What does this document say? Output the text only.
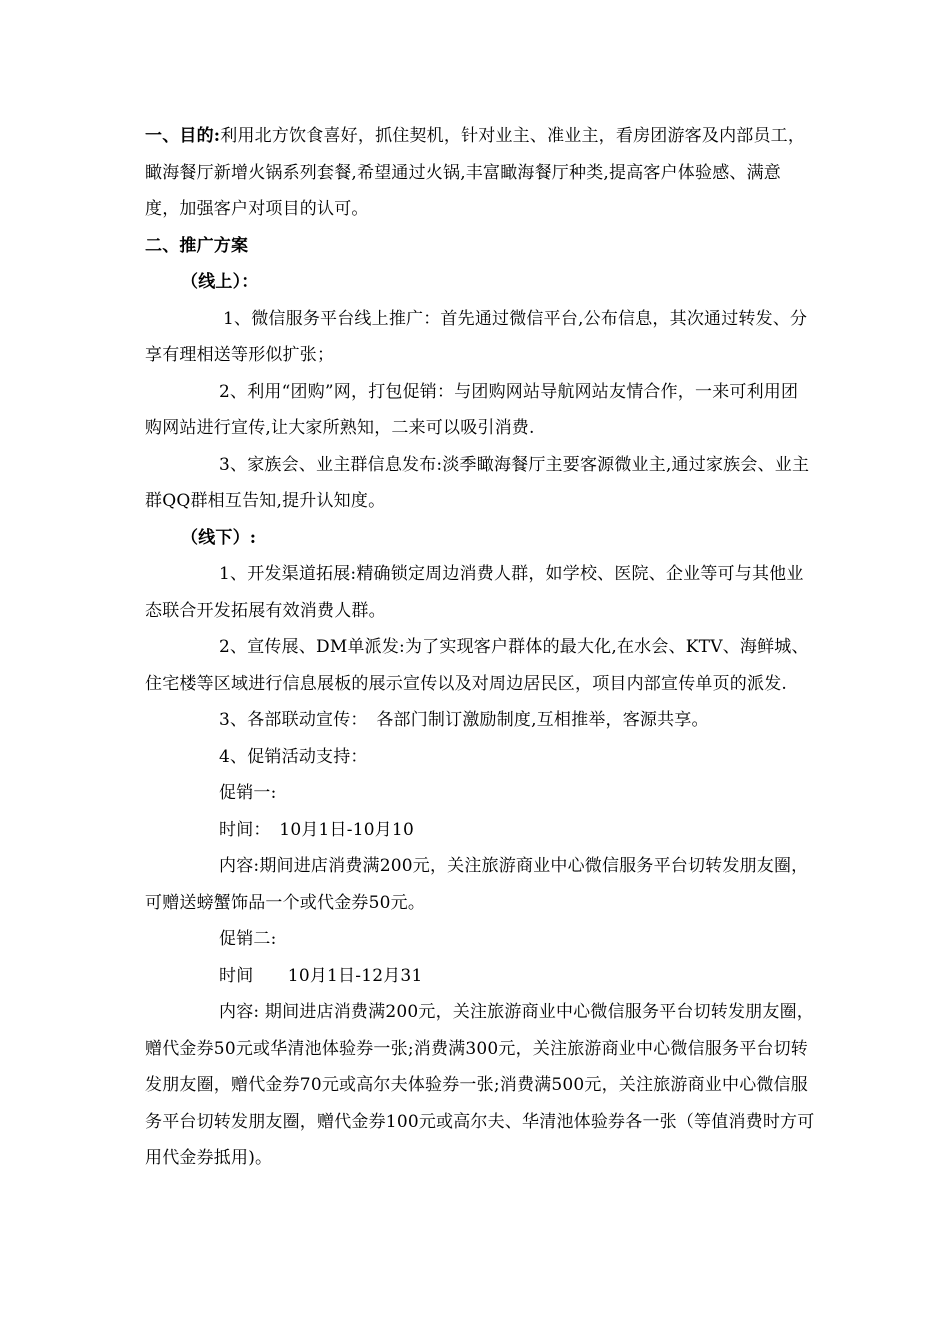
一、目的:利用北方饮食喜好，抓住契机，针对业主、准业主，看房团游客及内部员工，瞰海餐厅新增火锅系列套餐,希望通过火锅,丰富瞰海餐厅种类,提高客户体验感、满意度，加强客户对项目的认可。

二、推广方案

（线上）：

1、微信服务平台线上推广：首先通过微信平台,公布信息，其次通过转发、分享有理相送等形似扩张；

2、利用“团购”网，打包促销：与团购网站导航网站友情合作，一来可利用团购网站进行宣传,让大家所熟知，二来可以吸引消费.

3、家族会、业主群信息发布:淡季瞰海餐厅主要客源微业主,通过家族会、业主群QQ群相互告知,提升认知度。

（线下）:

1、开发渠道拓展:精确锁定周边消费人群，如学校、医院、企业等可与其他业态联合开发拓展有效消费人群。

2、宣传展、DM单派发:为了实现客户群体的最大化,在水会、KTV、海鲜城、住宅楼等区域进行信息展板的展示宣传以及对周边居民区，项目内部宣传单页的派发.

3、各部联动宣传：　各部门制订激励制度,互相推举，客源共享。

4、促销活动支持：

促销一:

时间：　10月1日-10月10

内容:期间进店消费满200元，关注旅游商业中心微信服务平台切转发朋友圈，可赠送螃蟹饰品一个或代金券50元。

促销二:

时间　　10月1日-12月31

内容: 期间进店消费满200元，关注旅游商业中心微信服务平台切转发朋友圈，赠代金券50元或华清池体验券一张;消费满300元，关注旅游商业中心微信服务平台切转发朋友圈，赠代金券70元或高尔夫体验券一张;消费满500元，关注旅游商业中心微信服务平台切转发朋友圈，赠代金券100元或高尔夫、华清池体验券各一张（等值消费时方可用代金券抵用)。
